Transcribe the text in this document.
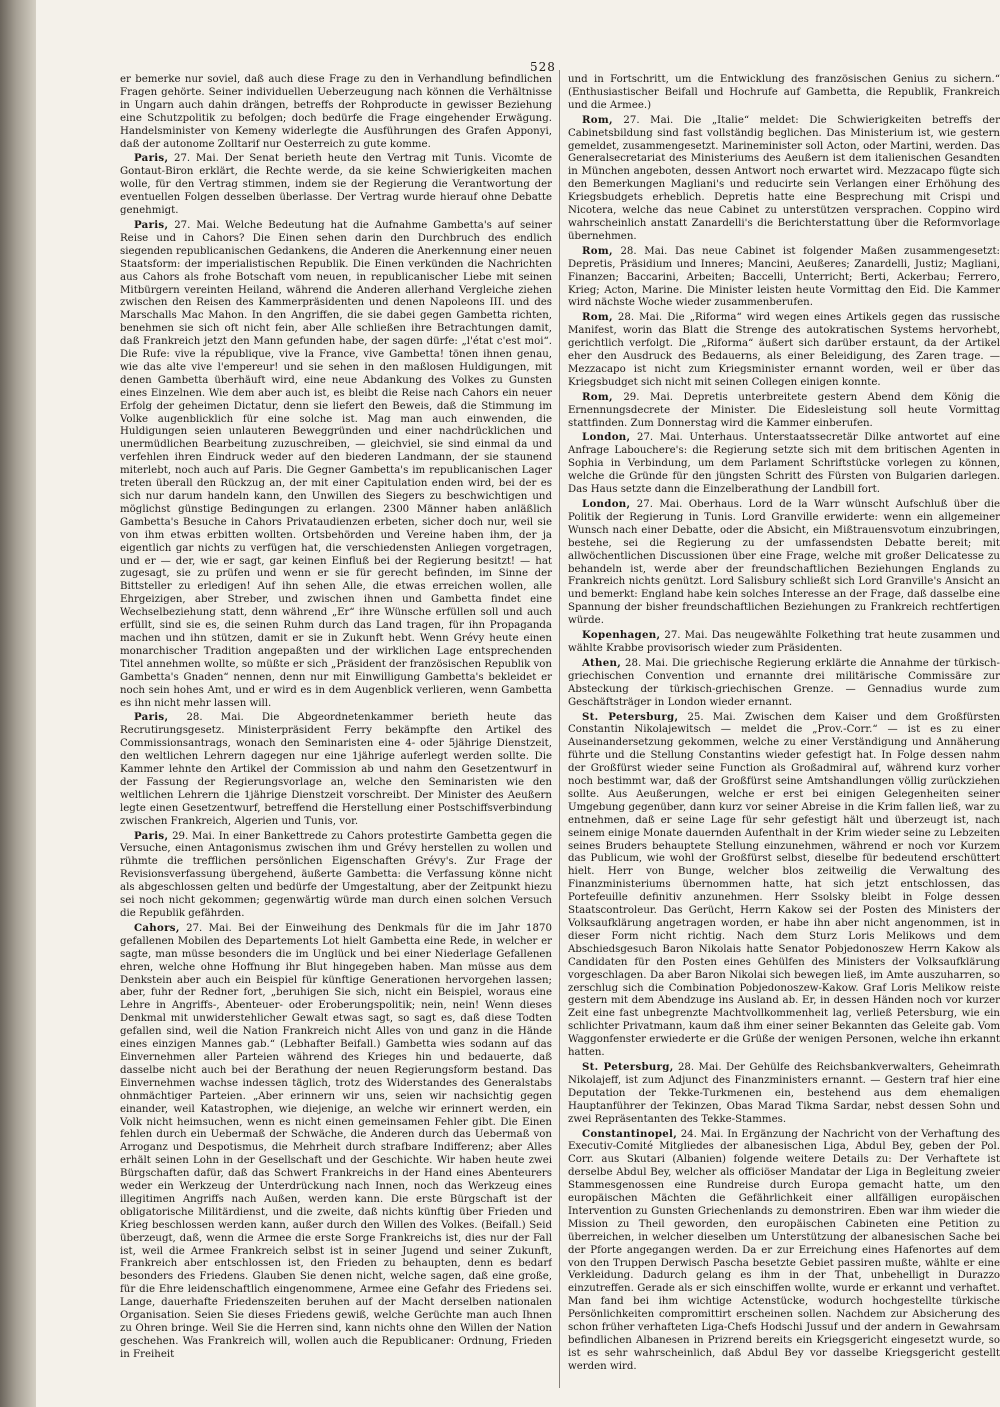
528

er bemerke nur soviel, daß auch diese Frage zu den in Verhandlung befindlichen Fragen gehörte. Seiner individuellen Ueberzeugung nach können die Verhältnisse in Ungarn auch dahin drängen, betreffs der Rohproducte in gewisser Beziehung eine Schutzpolitik zu befolgen; doch bedürfe die Frage eingehender Erwägung. Handelsminister von Kemeny widerlegte die Ausführungen des Grafen Apponyi, daß der autonome Zolltarif nur Oesterreich zu gute komme.

Paris, 27. Mai. Der Senat berieth heute den Vertrag mit Tunis. Vicomte de Gontaut-Biron erklärt, die Rechte werde, da sie keine Schwierigkeiten machen wolle, für den Vertrag stimmen, indem sie der Regierung die Verantwortung der eventuellen Folgen desselben überlasse. Der Vertrag wurde hierauf ohne Debatte genehmigt.

Paris, 27. Mai. Welche Bedeutung hat die Aufnahme Gambetta's auf seiner Reise und in Cahors? Die Einen sehen darin den Durchbruch des endlich siegenden republicanischen Gedankens, die Anderen die Anerkennung einer neuen Staatsform: der imperialistischen Republik. Die Einen verkünden die Nachrichten aus Cahors als frohe Botschaft vom neuen, in republicanischer Liebe mit seinen Mitbürgern vereinten Heiland, während die Anderen allerhand Vergleiche ziehen zwischen den Reisen des Kammerpräsidenten und denen Napoleons III. und des Marschalls Mac Mahon. In den Angriffen, die sie dabei gegen Gambetta richten, benehmen sie sich oft nicht fein, aber Alle schließen ihre Betrachtungen damit, daß Frankreich jetzt den Mann gefunden habe, der sagen dürfe: „l'état c'est moi“. Die Rufe: vive la république, vive la France, vive Gambetta! tönen ihnen genau, wie das alte vive l'empereur! und sie sehen in den maßlosen Huldigungen, mit denen Gambetta überhäuft wird, eine neue Abdankung des Volkes zu Gunsten eines Einzelnen. Wie dem aber auch ist, es bleibt die Reise nach Cahors ein neuer Erfolg der geheimen Dictatur, denn sie liefert den Beweis, daß die Stimmung im Volke augenblicklich für eine solche ist. Mag man auch einwenden, die Huldigungen seien unlauteren Beweggründen und einer nachdrücklichen und unermüdlichen Bearbeitung zuzuschreiben, — gleichviel, sie sind einmal da und verfehlen ihren Eindruck weder auf den biederen Landmann, der sie staunend miterlebt, noch auch auf Paris. Die Gegner Gambetta's im republicanischen Lager treten überall den Rückzug an, der mit einer Capitulation enden wird, bei der es sich nur darum handeln kann, den Unwillen des Siegers zu beschwichtigen und möglichst günstige Bedingungen zu erlangen. 2300 Männer haben anläßlich Gambetta's Besuche in Cahors Privataudienzen erbeten, sicher doch nur, weil sie von ihm etwas erbitten wollten. Ortsbehörden und Vereine haben ihm, der ja eigentlich gar nichts zu verfügen hat, die verschiedensten Anliegen vorgetragen, und er — der, wie er sagt, gar keinen Einfluß bei der Regierung besitzt! — hat zugesagt, sie zu prüfen und wenn er sie für gerecht befinden, im Sinne der Bittsteller zu erledigen! Auf ihn sehen Alle, die etwas erreichen wollen, alle Ehrgeizigen, aber Streber, und zwischen ihnen und Gambetta findet eine Wechselbeziehung statt, denn während „Er“ ihre Wünsche erfüllen soll und auch erfüllt, sind sie es, die seinen Ruhm durch das Land tragen, für ihn Propaganda machen und ihn stützen, damit er sie in Zukunft hebt. Wenn Grévy heute einen monarchischer Tradition angepaßten und der wirklichen Lage entsprechenden Titel annehmen wollte, so müßte er sich „Präsident der französischen Republik von Gambetta's Gnaden“ nennen, denn nur mit Einwilligung Gambetta's bekleidet er noch sein hohes Amt, und er wird es in dem Augenblick verlieren, wenn Gambetta es ihn nicht mehr lassen will.

Paris, 28. Mai. Die Abgeordnetenkammer berieth heute das Recrutirungsgesetz. Ministerpräsident Ferry bekämpfte den Artikel des Commissionsantrags, wonach den Seminaristen eine 4- oder 5jährige Dienstzeit, den weltlichen Lehrern dagegen nur eine 1jährige auferlegt werden sollte. Die Kammer lehnte den Artikel der Commission ab und nahm den Gesetzentwurf in der Fassung der Regierungsvorlage an, welche den Seminaristen wie den weltlichen Lehrern die 1jährige Dienstzeit vorschreibt. Der Minister des Aeußern legte einen Gesetzentwurf, betreffend die Herstellung einer Postschiffsverbindung zwischen Frankreich, Algerien und Tunis, vor.

Paris, 29. Mai. In einer Bankettrede zu Cahors protestirte Gambetta gegen die Versuche, einen Antagonismus zwischen ihm und Grévy herstellen zu wollen und rühmte die trefflichen persönlichen Eigenschaften Grévy's. Zur Frage der Revisionsverfassung übergehend, äußerte Gambetta: die Verfassung könne nicht als abgeschlossen gelten und bedürfe der Umgestaltung, aber der Zeitpunkt hiezu sei noch nicht gekommen; gegenwärtig würde man durch einen solchen Versuch die Republik gefährden.

Cahors, 27. Mai. Bei der Einweihung des Denkmals für die im Jahr 1870 gefallenen Mobilen des Departements Lot hielt Gambetta eine Rede, in welcher er sagte, man müsse besonders die im Unglück und bei einer Niederlage Gefallenen ehren, welche ohne Hoffnung ihr Blut hingegeben haben. Man müsse aus dem Denkstein aber auch ein Beispiel für künftige Generationen hervorgehen lassen; aber, fuhr der Redner fort, „beruhigen Sie sich, nicht ein Beispiel, woraus eine Lehre in Angriffs-, Abenteuer- oder Eroberungspolitik; nein, nein! Wenn dieses Denkmal mit unwiderstehlicher Gewalt etwas sagt, so sagt es, daß diese Todten gefallen sind, weil die Nation Frankreich nicht Alles von und ganz in die Hände eines einzigen Mannes gab.“ (Lebhafter Beifall.) Gambetta wies sodann auf das Einvernehmen aller Parteien während des Krieges hin und bedauerte, daß dasselbe nicht auch bei der Berathung der neuen Regierungsform bestand. Das Einvernehmen wachse indessen täglich, trotz des Widerstandes des Generalstabs ohnmächtiger Parteien. „Aber erinnern wir uns, seien wir nachsichtig gegen einander, weil Katastrophen, wie diejenige, an welche wir erinnert werden, ein Volk nicht heimsuchen, wenn es nicht einen gemeinsamen Fehler gibt. Die Einen fehlen durch ein Uebermaß der Schwäche, die Anderen durch das Uebermaß von Arroganz und Despotismus, die Mehrheit durch strafbare Indifferenz; aber Alles erhält seinen Lohn in der Gesellschaft und der Geschichte. Wir haben heute zwei Bürgschaften dafür, daß das Schwert Frankreichs in der Hand eines Abenteurers weder ein Werkzeug der Unterdrückung nach Innen, noch das Werkzeug eines illegitimen Angriffs nach Außen, werden kann. Die erste Bürgschaft ist der obligatorische Militärdienst, und die zweite, daß nichts künftig über Frieden und Krieg beschlossen werden kann, außer durch den Willen des Volkes. (Beifall.) Seid überzeugt, daß, wenn die Armee die erste Sorge Frankreichs ist, dies nur der Fall ist, weil die Armee Frankreich selbst ist in seiner Jugend und seiner Zukunft, Frankreich aber entschlossen ist, den Frieden zu behaupten, denn es bedarf besonders des Friedens. Glauben Sie denen nicht, welche sagen, daß eine große, für die Ehre leidenschaftlich eingenommene, Armee eine Gefahr des Friedens sei. Lange, dauerhafte Friedenszeiten beruhen auf der Macht derselben nationalen Organisation. Seien Sie dieses Friedens gewiß, welche Gerüchte man auch Ihnen zu Ohren bringe. Weil Sie die Herren sind, kann nichts ohne den Willen der Nation geschehen. Was Frankreich will, wollen auch die Republicaner: Ordnung, Frieden in Freiheit

und in Fortschritt, um die Entwicklung des französischen Genius zu sichern.“ (Enthusiastischer Beifall und Hochrufe auf Gambetta, die Republik, Frankreich und die Armee.)

Rom, 27. Mai. Die „Italie“ meldet: Die Schwierigkeiten betreffs der Cabinetsbildung sind fast vollständig beglichen. Das Ministerium ist, wie gestern gemeldet, zusammengesetzt. Marineminister soll Acton, oder Martini, werden. Das Generalsecretariat des Ministeriums des Aeußern ist dem italienischen Gesandten in München angeboten, dessen Antwort noch erwartet wird. Mezzacapo fügte sich den Bemerkungen Magliani's und reducirte sein Verlangen einer Erhöhung des Kriegsbudgets erheblich. Depretis hatte eine Besprechung mit Crispi und Nicotera, welche das neue Cabinet zu unterstützen versprachen. Coppino wird wahrscheinlich anstatt Zanardelli's die Berichterstattung über die Reformvorlage übernehmen.

Rom, 28. Mai. Das neue Cabinet ist folgender Maßen zusammengesetzt: Depretis, Präsidium und Inneres; Mancini, Aeußeres; Zanardelli, Justiz; Magliani, Finanzen; Baccarini, Arbeiten; Baccelli, Unterricht; Berti, Ackerbau; Ferrero, Krieg; Acton, Marine. Die Minister leisten heute Vormittag den Eid. Die Kammer wird nächste Woche wieder zusammenberufen.

Rom, 28. Mai. Die „Riforma“ wird wegen eines Artikels gegen das russische Manifest, worin das Blatt die Strenge des autokratischen Systems hervorhebt, gerichtlich verfolgt. Die „Riforma“ äußert sich darüber erstaunt, da der Artikel eher den Ausdruck des Bedauerns, als einer Beleidigung, des Zaren trage. — Mezzacapo ist nicht zum Kriegsminister ernannt worden, weil er über das Kriegsbudget sich nicht mit seinen Collegen einigen konnte.

Rom, 29. Mai. Depretis unterbreitete gestern Abend dem König die Ernennungsdecrete der Minister. Die Eidesleistung soll heute Vormittag stattfinden. Zum Donnerstag wird die Kammer einberufen.

London, 27. Mai. Unterhaus. Unterstaatssecretär Dilke antwortet auf eine Anfrage Labouchere's: die Regierung setzte sich mit dem britischen Agenten in Sophia in Verbindung, um dem Parlament Schriftstücke vorlegen zu können, welche die Gründe für den jüngsten Schritt des Fürsten von Bulgarien darlegen. Das Haus setzte dann die Einzelberathung der Landbill fort.

London, 27. Mai. Oberhaus. Lord de la Warr wünscht Aufschluß über die Politik der Regierung in Tunis. Lord Granville erwiderte: wenn ein allgemeiner Wunsch nach einer Debatte, oder die Absicht, ein Mißtrauensvotum einzubringen, bestehe, sei die Regierung zu der umfassendsten Debatte bereit; mit allwöchentlichen Discussionen über eine Frage, welche mit großer Delicatesse zu behandeln ist, werde aber der freundschaftlichen Beziehungen Englands zu Frankreich nichts genützt. Lord Salisbury schließt sich Lord Granville's Ansicht an und bemerkt: England habe kein solches Interesse an der Frage, daß dasselbe eine Spannung der bisher freundschaftlichen Beziehungen zu Frankreich rechtfertigen würde.

Kopenhagen, 27. Mai. Das neugewählte Folkething trat heute zusammen und wählte Krabbe provisorisch wieder zum Präsidenten.

Athen, 28. Mai. Die griechische Regierung erklärte die Annahme der türkisch-griechischen Convention und ernannte drei militärische Commissäre zur Absteckung der türkisch-griechischen Grenze. — Gennadius wurde zum Geschäftsträger in London wieder ernannt.

St. Petersburg, 25. Mai. Zwischen dem Kaiser und dem Großfürsten Constantin Nikolajewitsch — meldet die „Prov.-Corr.“ — ist es zu einer Auseinandersetzung gekommen, welche zu einer Verständigung und Annäherung führte und die Stellung Constantins wieder gefestigt hat. In Folge dessen nahm der Großfürst wieder seine Function als Großadmiral auf, während kurz vorher noch bestimmt war, daß der Großfürst seine Amtshandlungen völlig zurückziehen sollte. Aus Aeußerungen, welche er erst bei einigen Gelegenheiten seiner Umgebung gegenüber, dann kurz vor seiner Abreise in die Krim fallen ließ, war zu entnehmen, daß er seine Lage für sehr gefestigt hält und überzeugt ist, nach seinem einige Monate dauernden Aufenthalt in der Krim wieder seine zu Lebzeiten seines Bruders behauptete Stellung einzunehmen, während er noch vor Kurzem das Publicum, wie wohl der Großfürst selbst, dieselbe für bedeutend erschüttert hielt. Herr von Bunge, welcher blos zeitweilig die Verwaltung des Finanzministeriums übernommen hatte, hat sich jetzt entschlossen, das Portefeuille definitiv anzunehmen. Herr Ssolsky bleibt in Folge dessen Staatscontroleur. Das Gerücht, Herrn Kakow sei der Posten des Ministers der Volksaufklärung angetragen worden, er habe ihn aber nicht angenommen, ist in dieser Form nicht richtig. Nach dem Sturz Loris Melikows und dem Abschiedsgesuch Baron Nikolais hatte Senator Pobjedonoszew Herrn Kakow als Candidaten für den Posten eines Gehülfen des Ministers der Volksaufklärung vorgeschlagen. Da aber Baron Nikolai sich bewegen ließ, im Amte auszuharren, so zerschlug sich die Combination Pobjedonoszew-Kakow. Graf Loris Melikow reiste gestern mit dem Abendzuge ins Ausland ab. Er, in dessen Händen noch vor kurzer Zeit eine fast unbegrenzte Machtvollkommenheit lag, verließ Petersburg, wie ein schlichter Privatmann, kaum daß ihm einer seiner Bekannten das Geleite gab. Vom Waggonfenster erwiederte er die Grüße der wenigen Personen, welche ihn erkannt hatten.

St. Petersburg, 28. Mai. Der Gehülfe des Reichsbankverwalters, Geheimrath Nikolajeff, ist zum Adjunct des Finanzministers ernannt. — Gestern traf hier eine Deputation der Tekke-Turkmenen ein, bestehend aus dem ehemaligen Hauptanführer der Tekinzen, Obas Marad Tikma Sardar, nebst dessen Sohn und zwei Repräsentanten des Tekke-Stammes.

Constantinopel, 24. Mai. In Ergänzung der Nachricht von der Verhaftung des Executiv-Comité Mitgliedes der albanesischen Liga, Abdul Bey, geben der Pol. Corr. aus Skutari (Albanien) folgende weitere Details zu: Der Verhaftete ist derselbe Abdul Bey, welcher als officiöser Mandatar der Liga in Begleitung zweier Stammesgenossen eine Rundreise durch Europa gemacht hatte, um den europäischen Mächten die Gefährlichkeit einer allfälligen europäischen Intervention zu Gunsten Griechenlands zu demonstriren. Eben war ihm wieder die Mission zu Theil geworden, den europäischen Cabineten eine Petition zu überreichen, in welcher dieselben um Unterstützung der albanesischen Sache bei der Pforte angegangen werden. Da er zur Erreichung eines Hafenortes auf dem von den Truppen Derwisch Pascha besetzte Gebiet passiren mußte, wählte er eine Verkleidung. Dadurch gelang es ihm in der That, unbehelligt in Durazzo einzutreffen. Gerade als er sich einschiffen wollte, wurde er erkannt und verhaftet. Man fand bei ihm wichtige Actenstücke, wodurch hochgestellte türkische Persönlichkeiten compromittirt erscheinen sollen. Nachdem zur Absicherung des schon früher verhafteten Liga-Chefs Hodschi Jussuf und der andern in Gewahrsam befindlichen Albanesen in Prizrend bereits ein Kriegsgericht eingesetzt wurde, so ist es sehr wahrscheinlich, daß Abdul Bey vor dasselbe Kriegsgericht gestellt werden wird.
